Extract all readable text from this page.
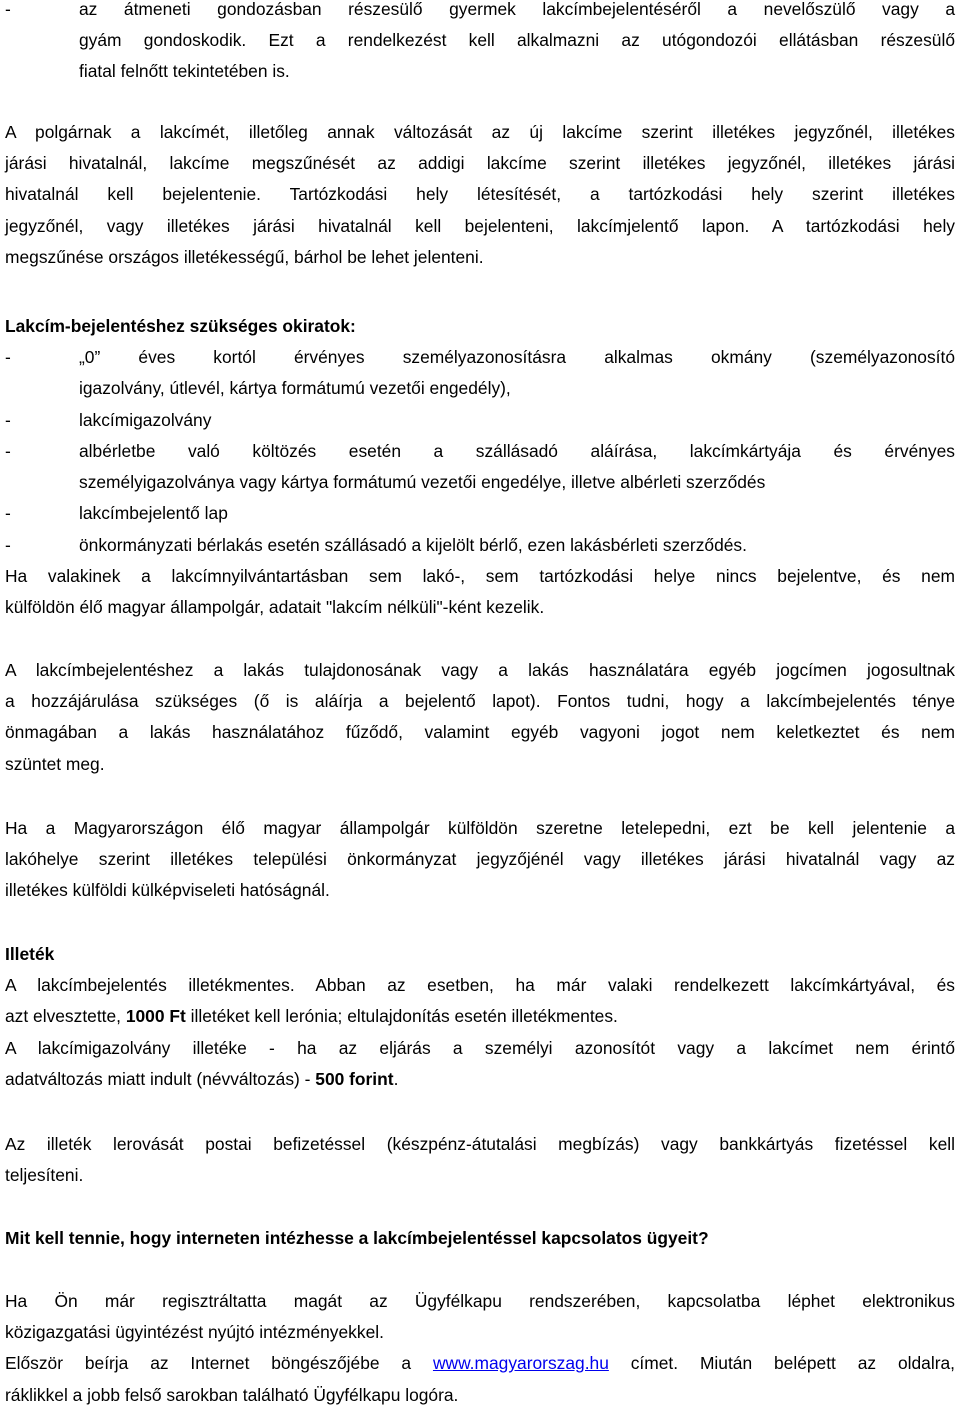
-	az átmeneti gondozásban részesülő gyermek lakcímbejelentéséről a nevelőszülő vagy a
gyám gondoskodik. Ezt a rendelkezést kell alkalmazni az utógondozói ellátásban részesülő
fiatal felnőtt tekintetében is.
A polgárnak a lakcímét, illetőleg annak változását az új lakcíme szerint illetékes jegyzőnél, illetékes
járási hivatalnál, lakcíme megszűnését az addigi lakcíme szerint illetékes jegyzőnél, illetékes járási
hivatalnál kell bejelentenie. Tartózkodási hely létesítését, a tartózkodási hely szerint illetékes
jegyzőnél, vagy illetékes járási hivatalnál kell bejelenteni, lakcímjelentő lapon. A tartózkodási hely
megszűnése országos illetékességű, bárhol be lehet jelenteni.
Lakcím-bejelentéshez szükséges okiratok:
-	„0” éves kortól érvényes személyazonosításra alkalmas okmány (személyazonosító
igazolvány, útlevél, kártya formátumú vezetői engedély),
-	lakcímigazolvány
-	albérletbe való költözés esetén a szállásadó aláírása, lakcímkártyája és érvényes
személyigazolványa vagy kártya formátumú vezetői engedélye, illetve albérleti szerződés
-	lakcímbejelentő lap
-	önkormányzati bérlakás esetén szállásadó a kijelölt bérlő, ezen lakásbérleti szerződés.
Ha valakinek a lakcímnyilvántartásban sem lakó-, sem tartózkodási helye nincs bejelentve, és nem
külföldön élő magyar állampolgár, adatait "lakcím nélküli"-ként kezelik.
A lakcímbejelentéshez a lakás tulajdonosának vagy a lakás használatára egyéb jogcímen jogosultnak
a hozzájárulása szükséges (ő is aláírja a bejelentő lapot). Fontos tudni, hogy a lakcímbejelentés ténye
önmagában a lakás használatához fűződő, valamint egyéb vagyoni jogot nem keletkeztet és nem
szüntet meg.
Ha a Magyarországon élő magyar állampolgár külföldön szeretne letelepedni, ezt be kell jelentenie a
lakóhelye szerint illetékes települési önkormányzat jegyzőjénél vagy illetékes járási hivatalnál vagy az
illetékes külföldi külképviseleti hatóságnál.
Illeték
A lakcímbejelentés illetékmentes. Abban az esetben, ha már valaki rendelkezett lakcímkártyával, és
azt elvesztette, 1000 Ft illetéket kell lerónia; eltulajdonítás esetén illetékmentes.
A lakcímigazolvány illetéke - ha az eljárás a személyi azonosítót vagy a lakcímet nem érintő
adatváltozás miatt indult (névváltozás) - 500 forint.
Az illeték lerovását postai befizetéssel (készpénz-átutalási megbízás) vagy bankkártyás fizetéssel kell
teljesíteni.
Mit kell tennie, hogy interneten intézhesse a lakcímbejelentéssel kapcsolatos ügyeit?
Ha Ön már regisztráltatta magát az Ügyfélkapu rendszerében, kapcsolatba léphet elektronikus
közigazgatási ügyintézést nyújtó intézményekkel.
Először beírja az Internet böngészőjébe a www.magyarorszag.hu címet. Miután belépett az oldalra,
ráklikkel a jobb felső sarokban található Ügyfélkapu logóra.
